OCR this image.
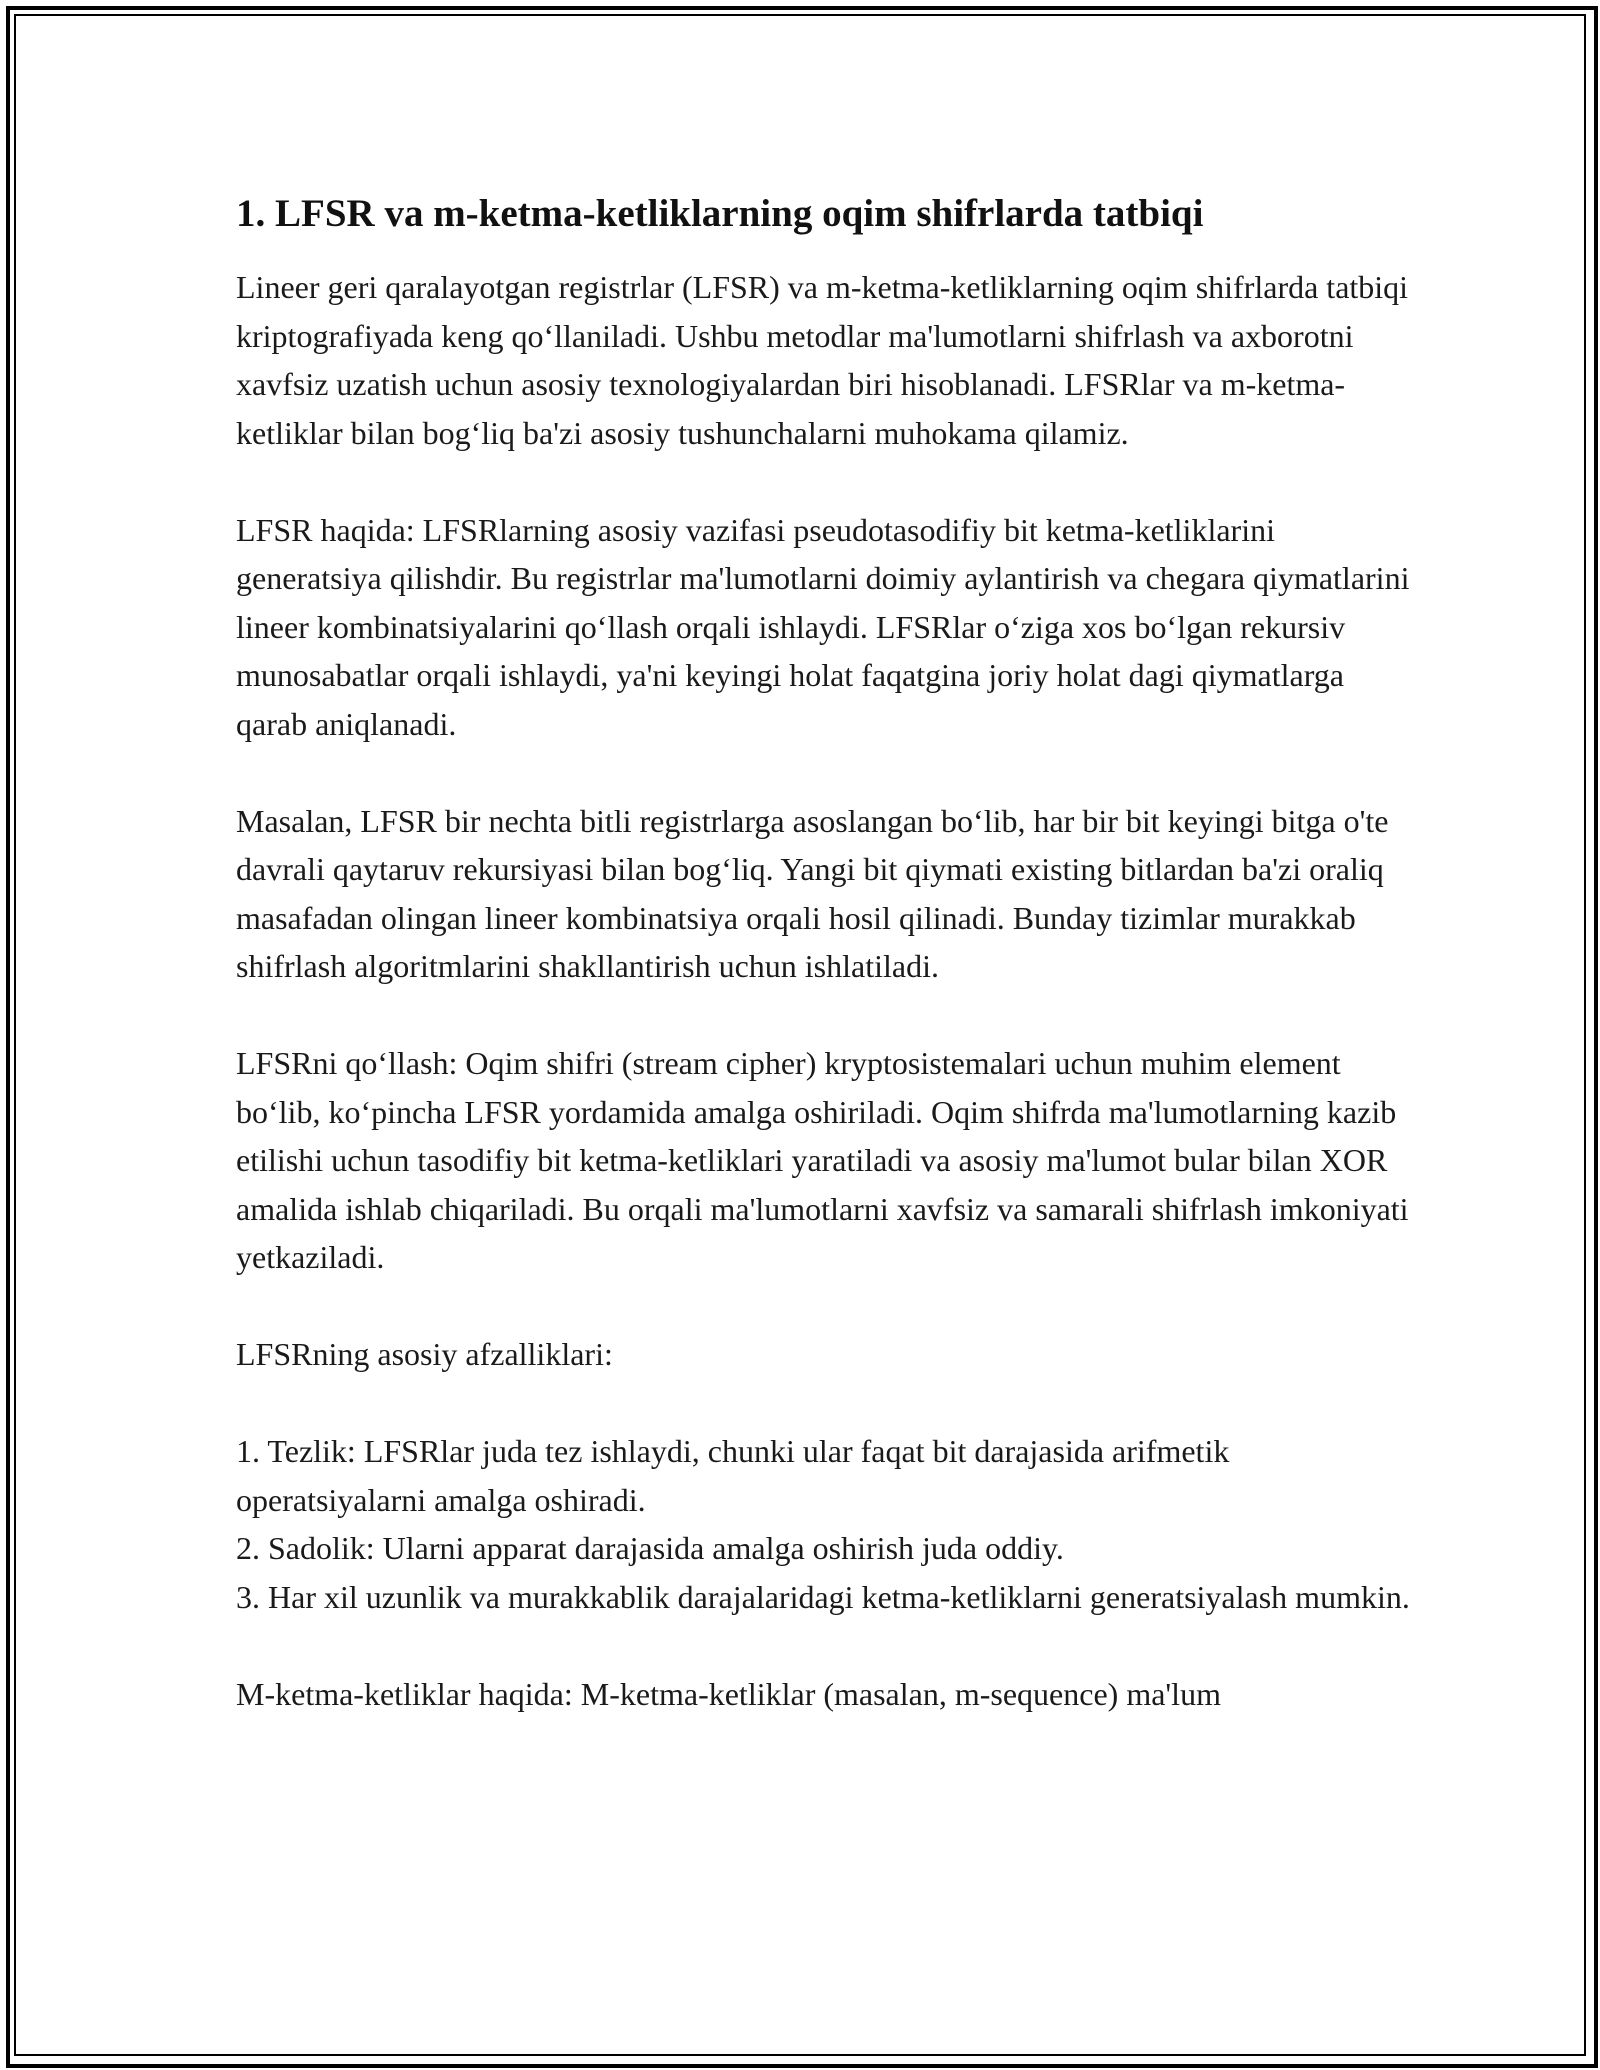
1. LFSR va m-ketma-ketliklarning oqim shifrlarda tatbiqi

Lineer geri qaralayotgan registrlar (LFSR) va m-ketma-ketliklarning oqim shifrlarda tatbiqi kriptografiyada keng qo‘llaniladi. Ushbu metodlar ma'lumotlarni shifrlash va axborotni xavfsiz uzatish uchun asosiy texnologiyalardan biri hisoblanadi. LFSRlar va m-ketma-ketliklar bilan bog‘liq ba'zi asosiy tushunchalarni muhokama qilamiz.

LFSR haqida: LFSRlarning asosiy vazifasi pseudotasodifiy bit ketma-ketliklarini generatsiya qilishdir. Bu registrlar ma'lumotlarni doimiy aylantirish va chegara qiymatlarini lineer kombinatsiyalarini qo‘llash orqali ishlaydi. LFSRlar o‘ziga xos bo‘lgan rekursiv munosabatlar orqali ishlaydi, ya'ni keyingi holat faqatgina joriy holat dagi qiymatlarga qarab aniqlanadi.

Masalan, LFSR bir nechta bitli registrlarga asoslangan bo‘lib, har bir bit keyingi bitga o'te davrali qaytaruv rekursiyasi bilan bog‘liq. Yangi bit qiymati existing bitlardan ba'zi oraliq masafadan olingan lineer kombinatsiya orqali hosil qilinadi. Bunday tizimlar murakkab shifrlash algoritmlarini shakllantirish uchun ishlatiladi.

LFSRni qo‘llash: Oqim shifri (stream cipher) kryptosistemalari uchun muhim element bo‘lib, ko‘pincha LFSR yordamida amalga oshiriladi. Oqim shifrda ma'lumotlarning kazib etilishi uchun tasodifiy bit ketma-ketliklari yaratiladi va asosiy ma'lumot bular bilan XOR amalida ishlab chiqariladi. Bu orqali ma'lumotlarni xavfsiz va samarali shifrlash imkoniyati yetkaziladi.

LFSRning asosiy afzalliklari:

1. Tezlik: LFSRlar juda tez ishlaydi, chunki ular faqat bit darajasida arifmetik operatsiyalarni amalga oshiradi.
2. Sadolik: Ularni apparat darajasida amalga oshirish juda oddiy.
3. Har xil uzunlik va murakkablik darajalaridagi ketma-ketliklarni generatsiyalash mumkin.

M-ketma-ketliklar haqida: M-ketma-ketliklar (masalan, m-sequence) ma'lum
